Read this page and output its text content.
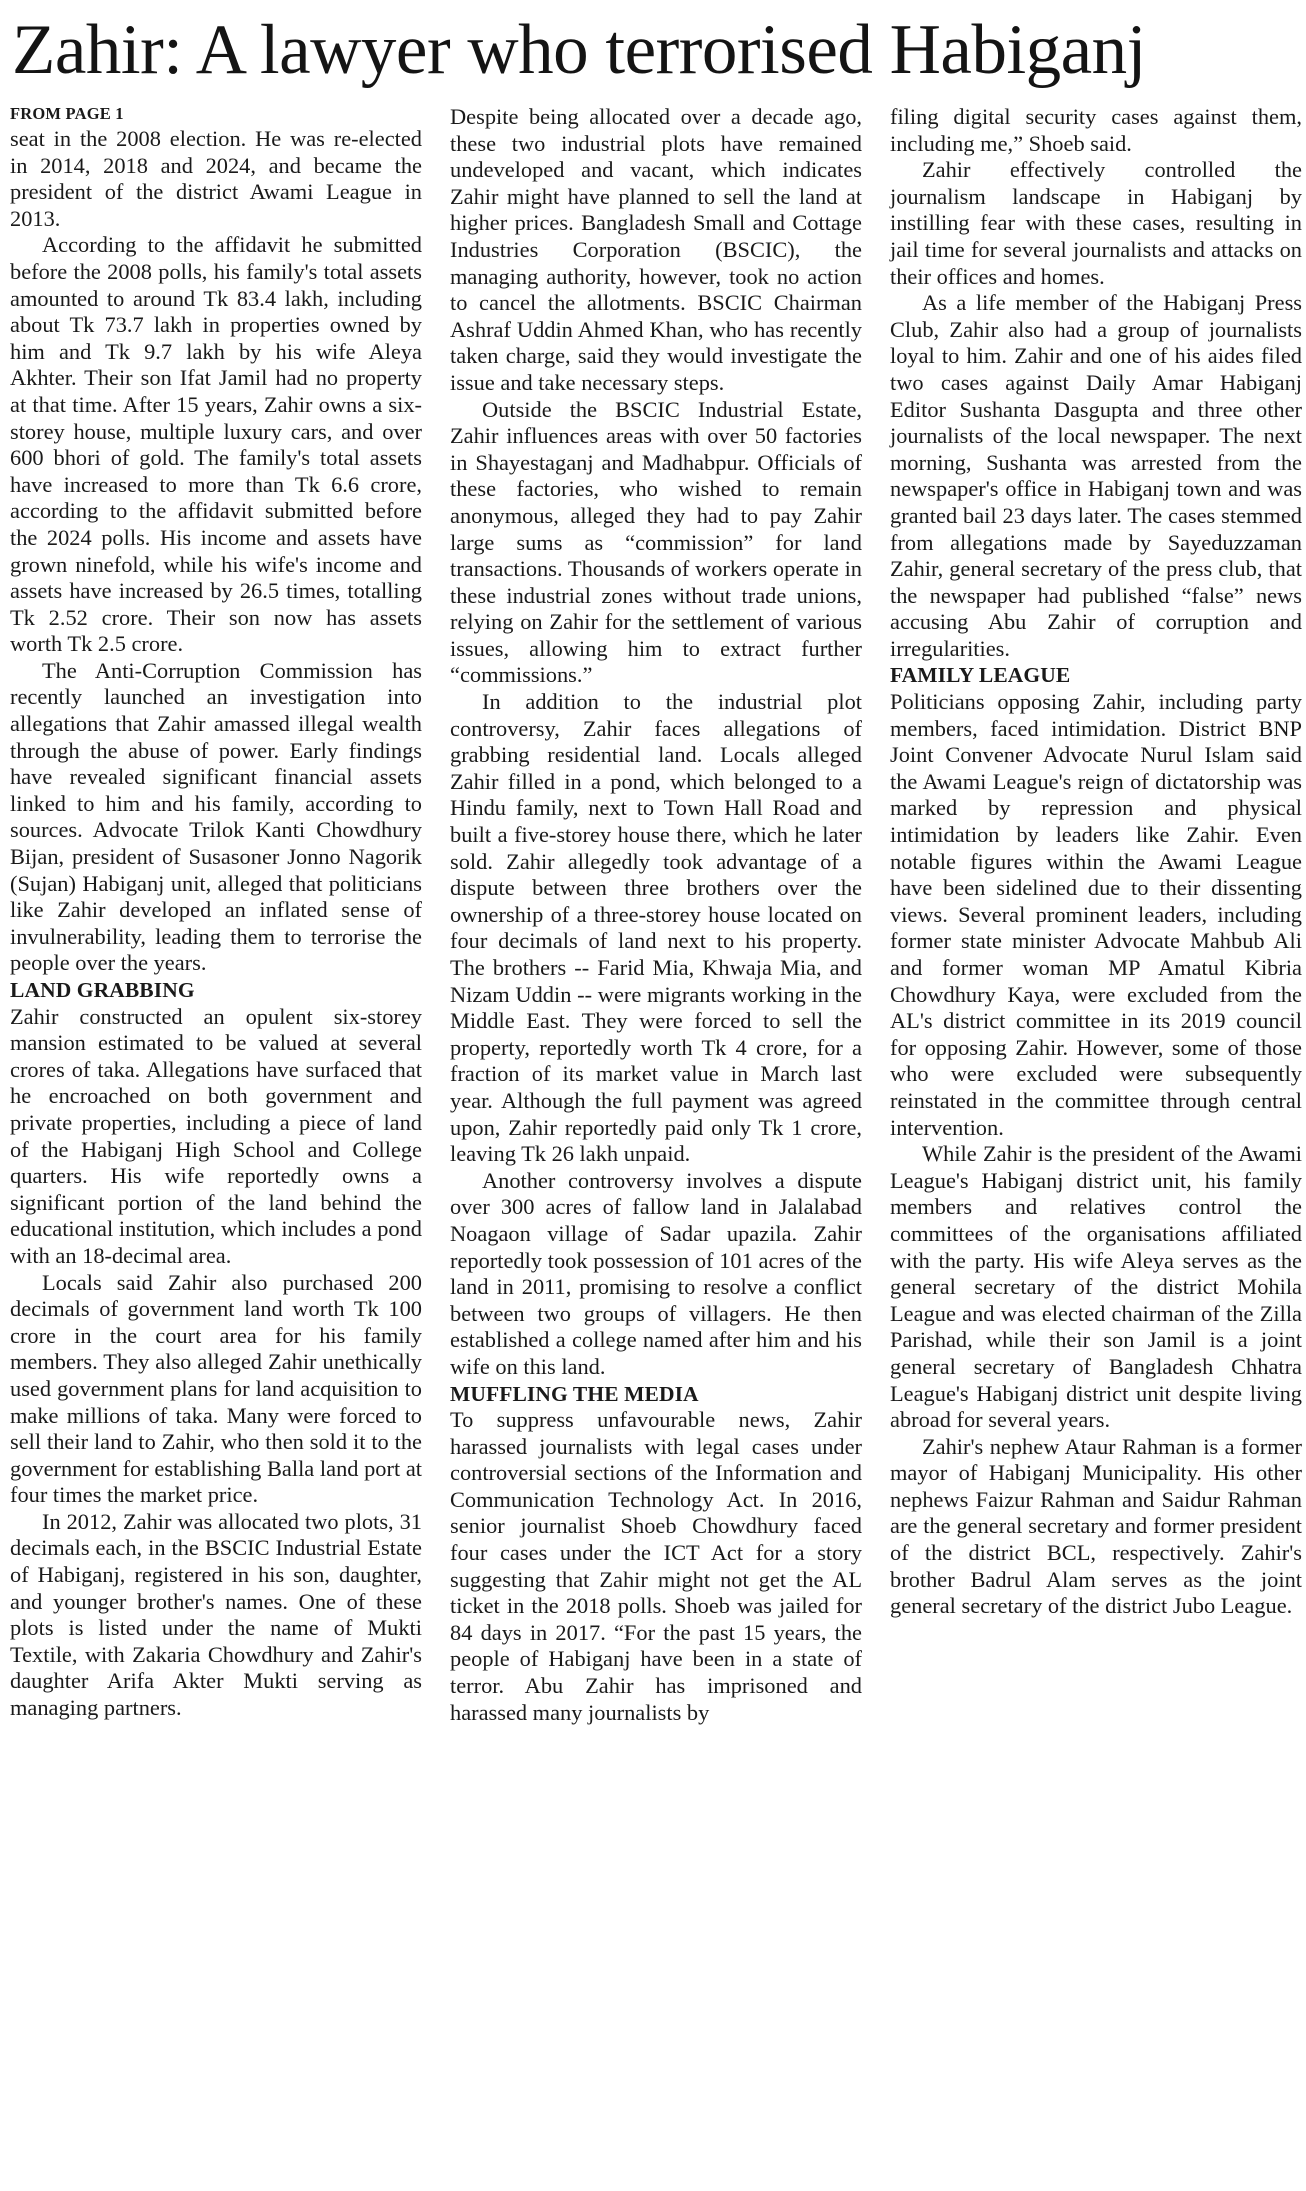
Zahir: A lawyer who terrorised Habiganj
FROM PAGE 1

seat in the 2008 election. He was re-elected in 2014, 2018 and 2024, and became the president of the district Awami League in 2013.

According to the affidavit he submitted before the 2008 polls, his family's total assets amounted to around Tk 83.4 lakh, including about Tk 73.7 lakh in properties owned by him and Tk 9.7 lakh by his wife Aleya Akhter. Their son Ifat Jamil had no property at that time. After 15 years, Zahir owns a six-storey house, multiple luxury cars, and over 600 bhori of gold. The family's total assets have increased to more than Tk 6.6 crore, according to the affidavit submitted before the 2024 polls. His income and assets have grown ninefold, while his wife's income and assets have increased by 26.5 times, totalling Tk 2.52 crore. Their son now has assets worth Tk 2.5 crore.

The Anti-Corruption Commission has recently launched an investigation into allegations that Zahir amassed illegal wealth through the abuse of power. Early findings have revealed significant financial assets linked to him and his family, according to sources. Advocate Trilok Kanti Chowdhury Bijan, president of Susasoner Jonno Nagorik (Sujan) Habiganj unit, alleged that politicians like Zahir developed an inflated sense of invulnerability, leading them to terrorise the people over the years.

LAND GRABBING

Zahir constructed an opulent six-storey mansion estimated to be valued at several crores of taka. Allegations have surfaced that he encroached on both government and private properties, including a piece of land of the Habiganj High School and College quarters. His wife reportedly owns a significant portion of the land behind the educational institution, which includes a pond with an 18-decimal area.

Locals said Zahir also purchased 200 decimals of government land worth Tk 100 crore in the court area for his family members. They also alleged Zahir unethically used government plans for land acquisition to make millions of taka. Many were forced to sell their land to Zahir, who then sold it to the government for establishing Balla land port at four times the market price.

In 2012, Zahir was allocated two plots, 31 decimals each, in the BSCIC Industrial Estate of Habiganj, registered in his son, daughter, and younger brother's names. One of these plots is listed under the name of Mukti Textile, with Zakaria Chowdhury and Zahir's daughter Arifa Akter Mukti serving as managing partners.

Despite being allocated over a decade ago, these two industrial plots have remained undeveloped and vacant, which indicates Zahir might have planned to sell the land at higher prices. Bangladesh Small and Cottage Industries Corporation (BSCIC), the managing authority, however, took no action to cancel the allotments. BSCIC Chairman Ashraf Uddin Ahmed Khan, who has recently taken charge, said they would investigate the issue and take necessary steps.

Outside the BSCIC Industrial Estate, Zahir influences areas with over 50 factories in Shayestaganj and Madhabpur. Officials of these factories, who wished to remain anonymous, alleged they had to pay Zahir large sums as “commission” for land transactions. Thousands of workers operate in these industrial zones without trade unions, relying on Zahir for the settlement of various issues, allowing him to extract further “commissions.”

In addition to the industrial plot controversy, Zahir faces allegations of grabbing residential land. Locals alleged Zahir filled in a pond, which belonged to a Hindu family, next to Town Hall Road and built a five-storey house there, which he later sold. Zahir allegedly took advantage of a dispute between three brothers over the ownership of a three-storey house located on four decimals of land next to his property. The brothers -- Farid Mia, Khwaja Mia, and Nizam Uddin -- were migrants working in the Middle East. They were forced to sell the property, reportedly worth Tk 4 crore, for a fraction of its market value in March last year. Although the full payment was agreed upon, Zahir reportedly paid only Tk 1 crore, leaving Tk 26 lakh unpaid.

Another controversy involves a dispute over 300 acres of fallow land in Jalalabad Noagaon village of Sadar upazila. Zahir reportedly took possession of 101 acres of the land in 2011, promising to resolve a conflict between two groups of villagers. He then established a college named after him and his wife on this land.

MUFFLING THE MEDIA

To suppress unfavourable news, Zahir harassed journalists with legal cases under controversial sections of the Information and Communication Technology Act. In 2016, senior journalist Shoeb Chowdhury faced four cases under the ICT Act for a story suggesting that Zahir might not get the AL ticket in the 2018 polls. Shoeb was jailed for 84 days in 2017. “For the past 15 years, the people of Habiganj have been in a state of terror. Abu Zahir has imprisoned and harassed many journalists by

filing digital security cases against them, including me,” Shoeb said.

Zahir effectively controlled the journalism landscape in Habiganj by instilling fear with these cases, resulting in jail time for several journalists and attacks on their offices and homes.

As a life member of the Habiganj Press Club, Zahir also had a group of journalists loyal to him. Zahir and one of his aides filed two cases against Daily Amar Habiganj Editor Sushanta Dasgupta and three other journalists of the local newspaper. The next morning, Sushanta was arrested from the newspaper's office in Habiganj town and was granted bail 23 days later. The cases stemmed from allegations made by Sayeduzzaman Zahir, general secretary of the press club, that the newspaper had published “false” news accusing Abu Zahir of corruption and irregularities.

FAMILY LEAGUE

Politicians opposing Zahir, including party members, faced intimidation. District BNP Joint Convener Advocate Nurul Islam said the Awami League's reign of dictatorship was marked by repression and physical intimidation by leaders like Zahir. Even notable figures within the Awami League have been sidelined due to their dissenting views. Several prominent leaders, including former state minister Advocate Mahbub Ali and former woman MP Amatul Kibria Chowdhury Kaya, were excluded from the AL's district committee in its 2019 council for opposing Zahir. However, some of those who were excluded were subsequently reinstated in the committee through central intervention.

While Zahir is the president of the Awami League's Habiganj district unit, his family members and relatives control the committees of the organisations affiliated with the party. His wife Aleya serves as the general secretary of the district Mohila League and was elected chairman of the Zilla Parishad, while their son Jamil is a joint general secretary of Bangladesh Chhatra League's Habiganj district unit despite living abroad for several years.

Zahir's nephew Ataur Rahman is a former mayor of Habiganj Municipality. His other nephews Faizur Rahman and Saidur Rahman are the general secretary and former president of the district BCL, respectively. Zahir's brother Badrul Alam serves as the joint general secretary of the district Jubo League.
